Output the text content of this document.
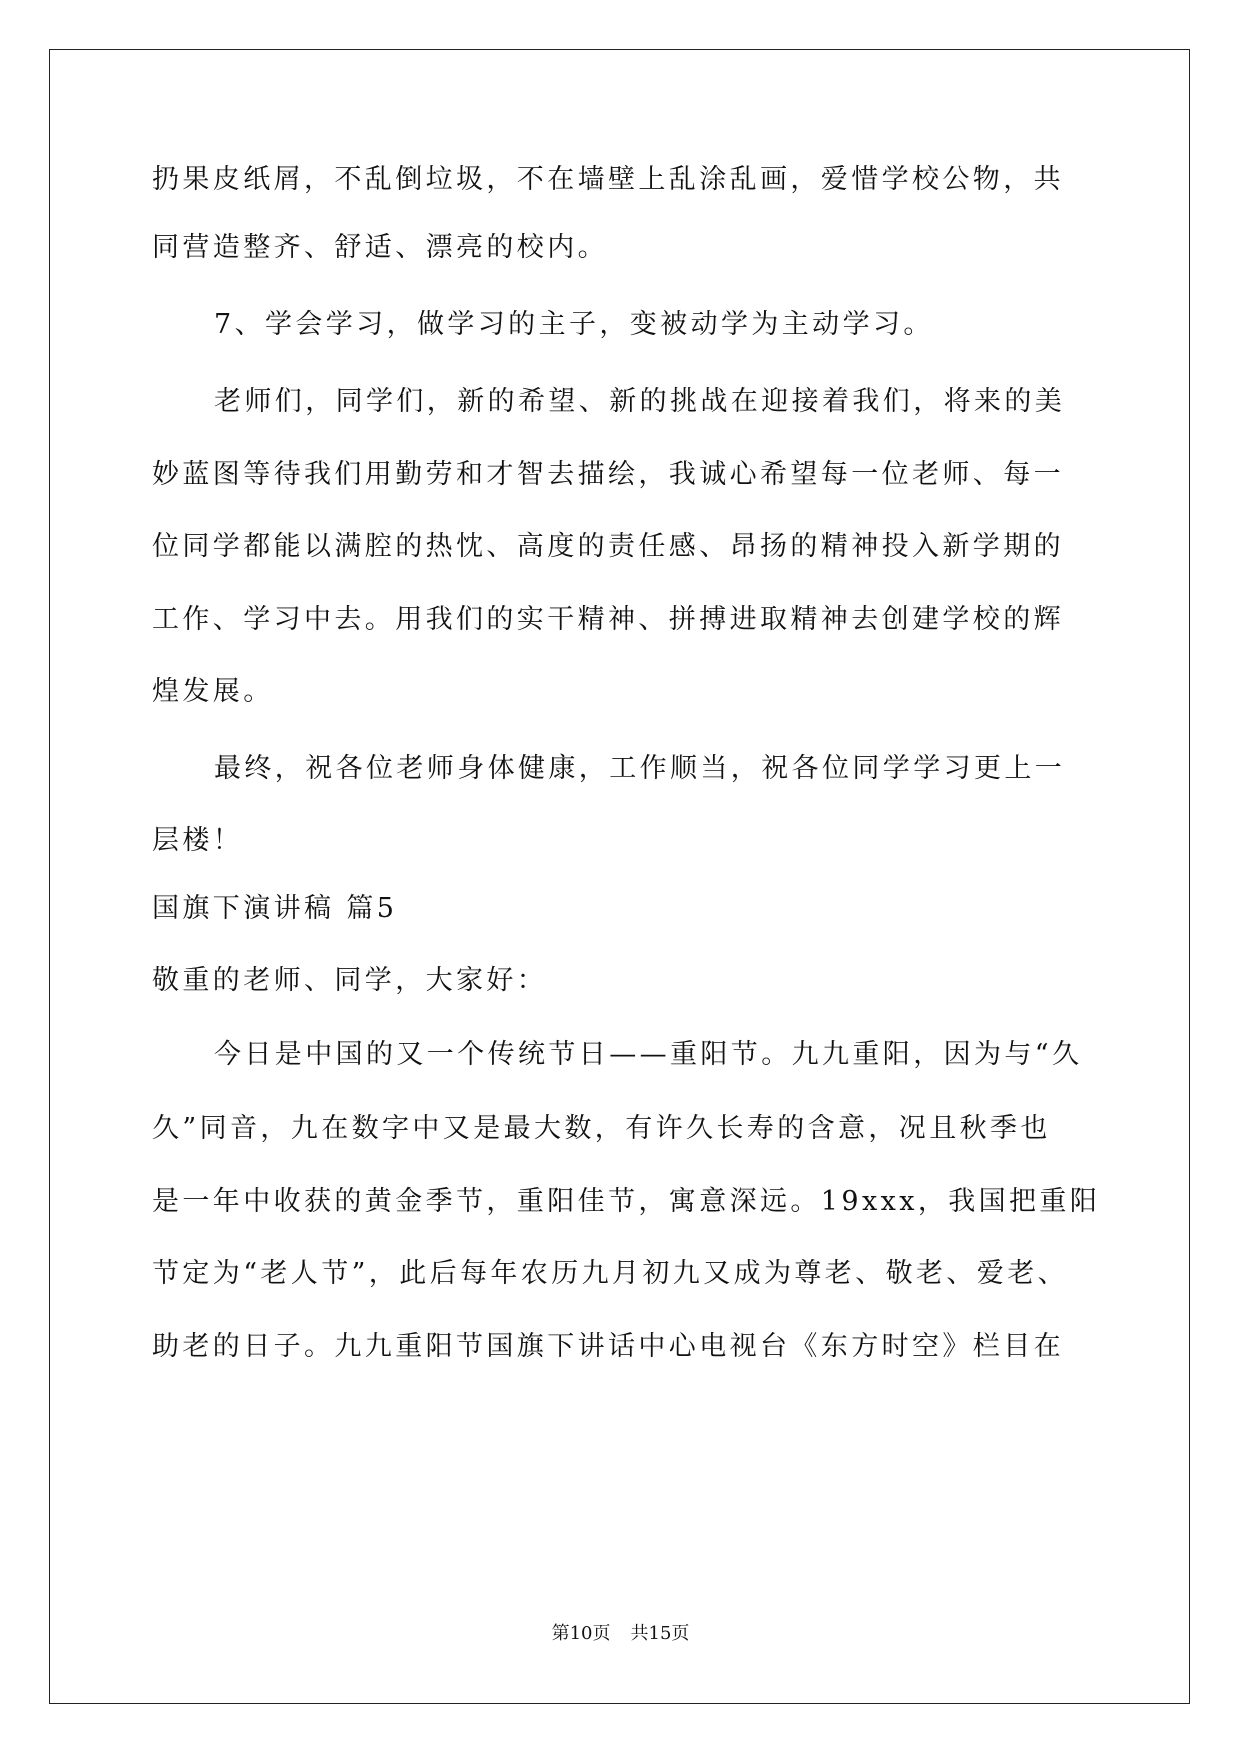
扔果皮纸屑，不乱倒垃圾，不在墙壁上乱涂乱画，爱惜学校公物，共
同营造整齐、舒适、漂亮的校内。
7、学会学习，做学习的主子，变被动学为主动学习。
老师们，同学们，新的希望、新的挑战在迎接着我们，将来的美
妙蓝图等待我们用勤劳和才智去描绘，我诚心希望每一位老师、每一
位同学都能以满腔的热忱、高度的责任感、昂扬的精神投入新学期的
工作、学习中去。用我们的实干精神、拼搏进取精神去创建学校的辉
煌发展。
最终，祝各位老师身体健康，工作顺当，祝各位同学学习更上一
层楼！
国旗下演讲稿 篇5
敬重的老师、同学，大家好：
今日是中国的又一个传统节日——重阳节。九九重阳，因为与“久
久”同音，九在数字中又是最大数，有许久长寿的含意，况且秋季也
是一年中收获的黄金季节，重阳佳节，寓意深远。19xxx，我国把重阳
节定为“老人节”，此后每年农历九月初九又成为尊老、敬老、爱老、
助老的日子。九九重阳节国旗下讲话中心电视台《东方时空》栏目在
第10页 共15页
